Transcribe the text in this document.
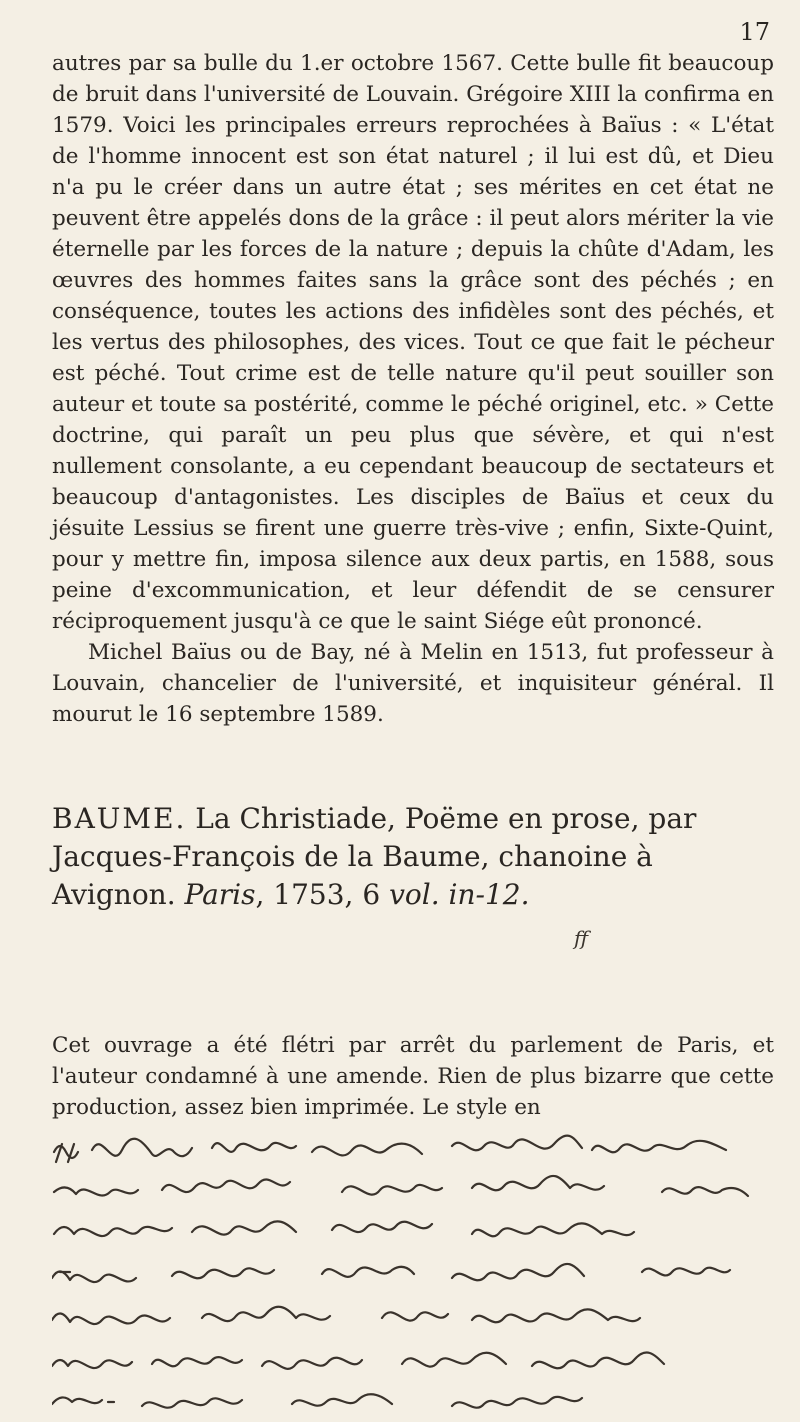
17

autres par sa bulle du 1.er octobre 1567. Cette bulle fit beaucoup de bruit dans l'université de Louvain. Grégoire XIII la confirma en 1579. Voici les principales erreurs reprochées à Baïus : « L'état de l'homme innocent est son état naturel ; il lui est dû, et Dieu n'a pu le créer dans un autre état ; ses mérites en cet état ne peuvent être appelés dons de la grâce : il peut alors mériter la vie éternelle par les forces de la nature ; depuis la chûte d'Adam, les œuvres des hommes faites sans la grâce sont des péchés ; en conséquence, toutes les actions des infidèles sont des péchés, et les vertus des philosophes, des vices. Tout ce que fait le pécheur est péché. Tout crime est de telle nature qu'il peut souiller son auteur et toute sa postérité, comme le péché originel, etc. » Cette doctrine, qui paraît un peu plus que sévère, et qui n'est nullement consolante, a eu cependant beaucoup de sectateurs et beaucoup d'antagonistes. Les disciples de Baïus et ceux du jésuite Lessius se firent une guerre très-vive ; enfin, Sixte-Quint, pour y mettre fin, imposa silence aux deux partis, en 1588, sous peine d'excommunication, et leur défendit de se censurer réciproquement jusqu'à ce que le saint Siége eût prononcé.

Michel Baïus ou de Bay, né à Melin en 1513, fut professeur à Louvain, chancelier de l'université, et inquisiteur général. Il mourut le 16 septembre 1589.

BAUME. La Christiade, Poëme en prose, par Jacques-François de la Baume, chanoine à Avignon. Paris, 1753, 6 vol. in-12.
ff
Cet ouvrage a été flétri par arrêt du parlement de Paris, et l'auteur condamné à une amende. Rien de plus bizarre que cette production, assez bien imprimée. Le style en
